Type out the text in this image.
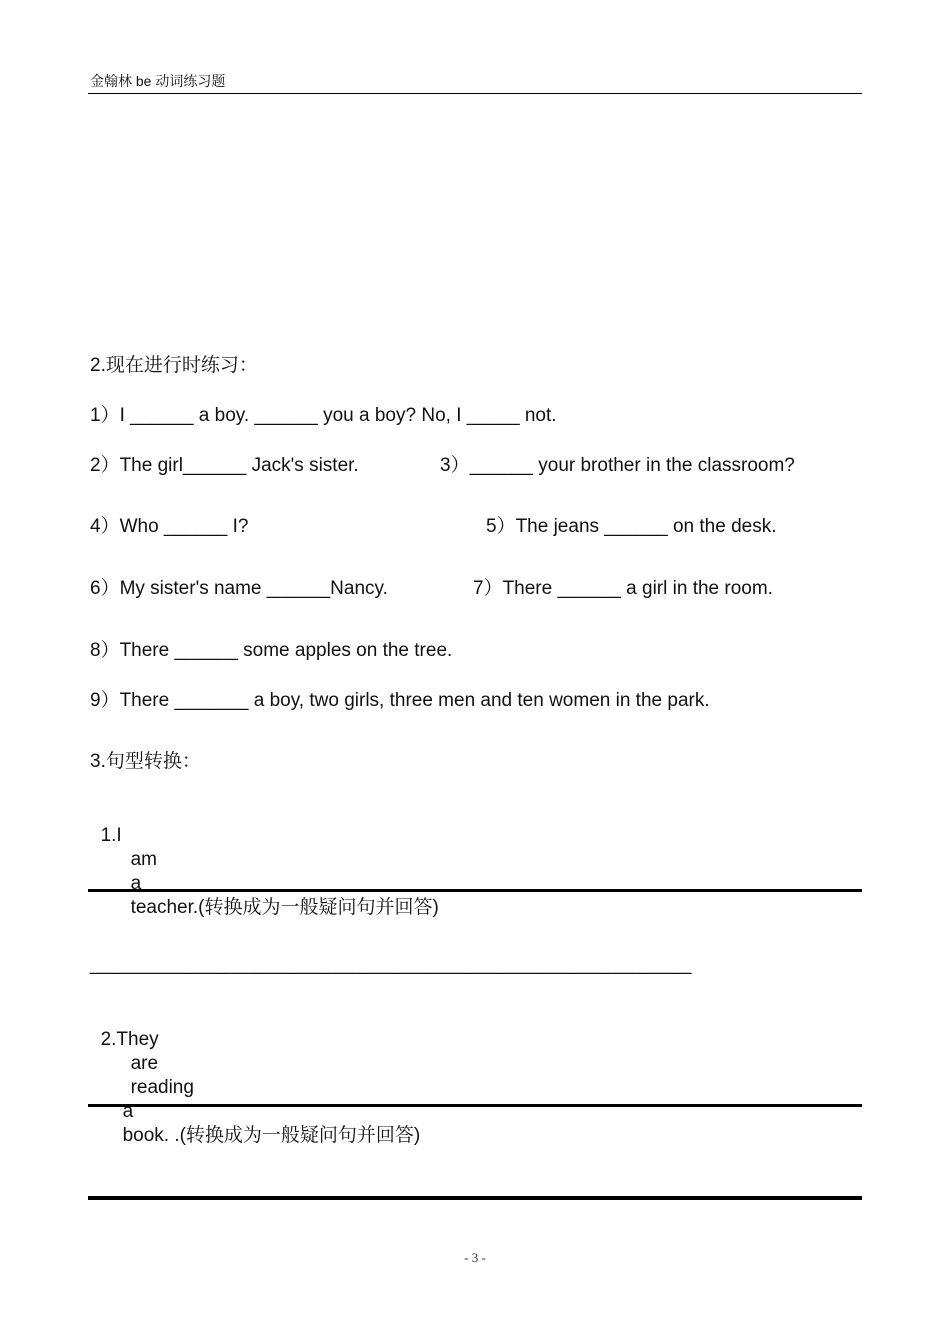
金翰林 be 动词练习题
2.现在进行时练习：
1）I ______ a boy. ______ you a boy? No, I _____ not.
2）The girl______ Jack's sister.	3）______ your brother in the classroom?
4）Who ______ I?	5）The jeans ______ on the desk.
6）My sister's name ______Nancy.	7）There ______ a girl in the room.
8）There ______ some apples on the tree.
9）There _______ a boy, two girls, three men and ten women in the park.
3.句型转换：

1.I
am
a
teacher.(转换成为一般疑问句并回答)

__________________________________________________________

2.They
are
reading
a
book. .(转换成为一般疑问句并回答)

- 3 -
